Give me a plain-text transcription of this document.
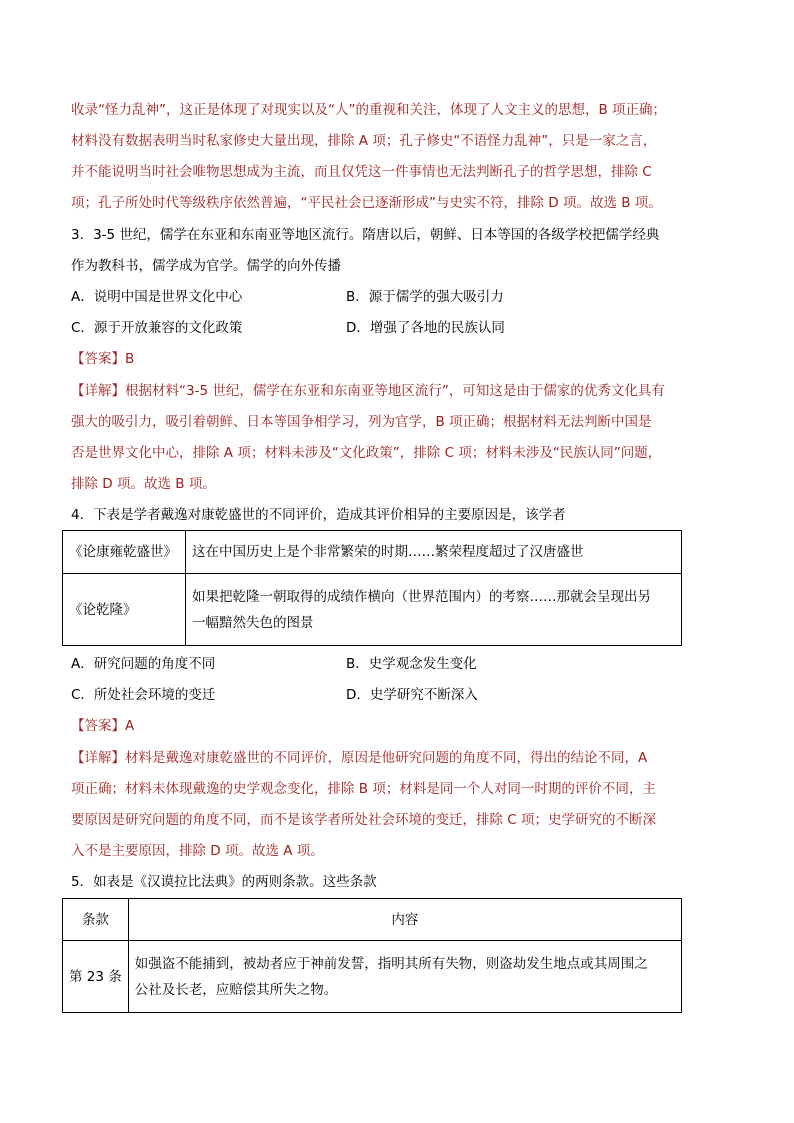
收录“怪力乱神”，这正是体现了对现实以及“人”的重视和关注，体现了人文主义的思想，B 项正确；
材料没有数据表明当时私家修史大量出现，排除 A 项；孔子修史“不语怪力乱神”，只是一家之言，
并不能说明当时社会唯物思想成为主流，而且仅凭这一件事情也无法判断孔子的哲学思想，排除 C
项；孔子所处时代等级秩序依然普遍，“平民社会已逐渐形成”与史实不符，排除 D 项。故选 B 项。
3．3-5 世纪，儒学在东亚和东南亚等地区流行。隋唐以后，朝鲜、日本等国的各级学校把儒学经典
作为教科书，儒学成为官学。儒学的向外传播
A．说明中国是世界文化中心	B．源于儒学的强大吸引力
C．源于开放兼容的文化政策	D．增强了各地的民族认同
【答案】B
【详解】根据材料“3-5 世纪，儒学在东亚和东南亚等地区流行”，可知这是由于儒家的优秀文化具有
强大的吸引力，吸引着朝鲜、日本等国争相学习，列为官学，B 项正确；根据材料无法判断中国是
否是世界文化中心，排除 A 项；材料未涉及“文化政策”，排除 C 项；材料未涉及“民族认同”问题，
排除 D 项。故选 B 项。
4．下表是学者戴逸对康乾盛世的不同评价，造成其评价相异的主要原因是，该学者
《论康雍乾盛世》	这在中国历史上是个非常繁荣的时期……繁荣程度超过了汉唐盛世

《论乾隆》	如果把乾隆一朝取得的成绩作横向（世界范围内）的考察……那就会呈现出另
一幅黯然失色的图景
A．研究问题的角度不同	B．史学观念发生变化
C．所处社会环境的变迁	D．史学研究不断深入
【答案】A
【详解】材料是戴逸对康乾盛世的不同评价，原因是他研究问题的角度不同，得出的结论不同，A
项正确；材料未体现戴逸的史学观念变化，排除 B 项；材料是同一个人对同一时期的评价不同，主
要原因是研究问题的角度不同，而不是该学者所处社会环境的变迁，排除 C 项；史学研究的不断深
入不是主要原因，排除 D 项。故选 A 项。
5．如表是《汉谟拉比法典》的两则条款。这些条款
条款	内容

第 23 条	如强盗不能捕到，被劫者应于神前发誓，指明其所有失物，则盗劫发生地点或其周围之
公社及长老，应赔偿其所失之物。
